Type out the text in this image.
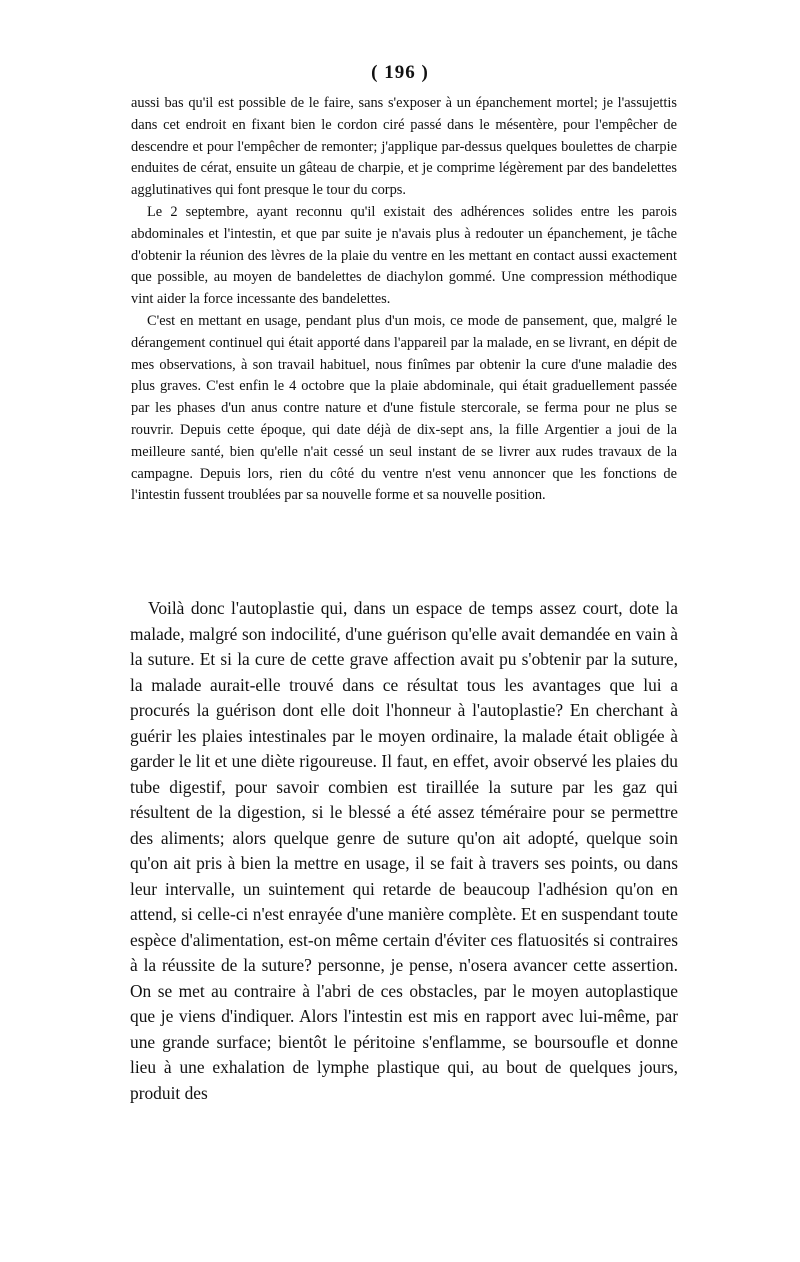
( 196 )

aussi bas qu'il est possible de le faire, sans s'exposer à un épanchement mortel; je l'assujettis dans cet endroit en fixant bien le cordon ciré passé dans le mésentère, pour l'empêcher de descendre et pour l'empêcher de remonter; j'applique par-dessus quelques boulettes de charpie enduites de cérat, ensuite un gâteau de charpie, et je comprime légèrement par des bandelettes agglutinatives qui font presque le tour du corps.

Le 2 septembre, ayant reconnu qu'il existait des adhérences solides entre les parois abdominales et l'intestin, et que par suite je n'avais plus à redouter un épanchement, je tâche d'obtenir la réunion des lèvres de la plaie du ventre en les mettant en contact aussi exactement que possible, au moyen de bandelettes de diachylon gommé. Une compression méthodique vint aider la force incessante des bandelettes.

C'est en mettant en usage, pendant plus d'un mois, ce mode de pansement, que, malgré le dérangement continuel qui était apporté dans l'appareil par la malade, en se livrant, en dépit de mes observations, à son travail habituel, nous finîmes par obtenir la cure d'une maladie des plus graves. C'est enfin le 4 octobre que la plaie abdominale, qui était graduellement passée par les phases d'un anus contre nature et d'une fistule stercorale, se ferma pour ne plus se rouvrir. Depuis cette époque, qui date déjà de dix-sept ans, la fille Argentier a joui de la meilleure santé, bien qu'elle n'ait cessé un seul instant de se livrer aux rudes travaux de la campagne. Depuis lors, rien du côté du ventre n'est venu annoncer que les fonctions de l'intestin fussent troublées par sa nouvelle forme et sa nouvelle position.

Voilà donc l'autoplastie qui, dans un espace de temps assez court, dote la malade, malgré son indocilité, d'une guérison qu'elle avait demandée en vain à la suture. Et si la cure de cette grave affection avait pu s'obtenir par la suture, la malade aurait-elle trouvé dans ce résultat tous les avantages que lui a procurés la guérison dont elle doit l'honneur à l'autoplastie? En cherchant à guérir les plaies intestinales par le moyen ordinaire, la malade était obligée à garder le lit et une diète rigoureuse. Il faut, en effet, avoir observé les plaies du tube digestif, pour savoir combien est tiraillée la suture par les gaz qui résultent de la digestion, si le blessé a été assez téméraire pour se permettre des aliments; alors quelque genre de suture qu'on ait adopté, quelque soin qu'on ait pris à bien la mettre en usage, il se fait à travers ses points, ou dans leur intervalle, un suintement qui retarde de beaucoup l'adhésion qu'on en attend, si celle-ci n'est enrayée d'une manière complète. Et en suspendant toute espèce d'alimentation, est-on même certain d'éviter ces flatuosités si contraires à la réussite de la suture? personne, je pense, n'osera avancer cette assertion. On se met au contraire à l'abri de ces obstacles, par le moyen autoplastique que je viens d'indiquer. Alors l'intestin est mis en rapport avec lui-même, par une grande surface; bientôt le péritoine s'enflamme, se boursoufle et donne lieu à une exhalation de lymphe plastique qui, au bout de quelques jours, produit des
